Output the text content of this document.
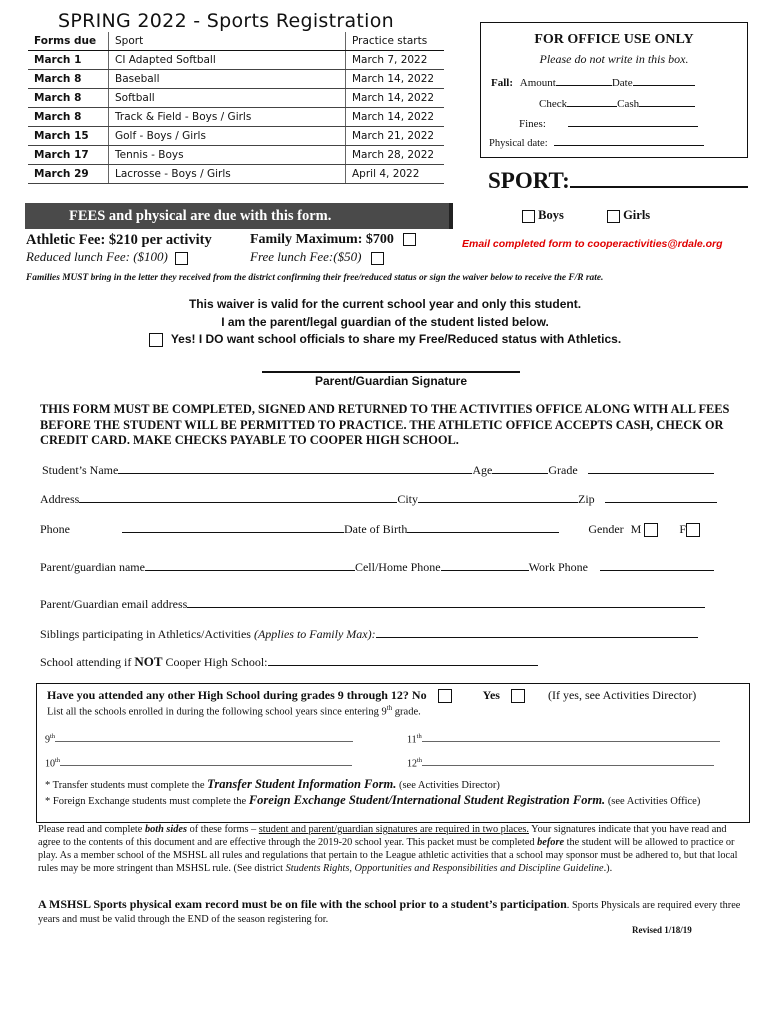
SPRING 2022 - Sports Registration
Forms due	Sport	Practice starts
March 1	CI Adapted Softball	March 7, 2022
March 8	Baseball	March 14, 2022
March 8	Softball	March 14, 2022
March 8	Track & Field - Boys / Girls	March 14, 2022
March 15	Golf - Boys / Girls	March 21, 2022
March 17	Tennis - Boys	March 28, 2022
March 29	Lacrosse - Boys / Girls	April 4, 2022
FOR OFFICE USE ONLY
Please do not write in this box.
Fall: Amount	Date
Check	Cash
Fines:
Physical date:
SPORT:
Boys	Girls
FEES and physical are due with this form.
Athletic Fee: $210 per activity
Reduced lunch Fee: ($100)
Family Maximum: $700
Free lunch Fee:($50)
Email completed form to cooperactivities@rdale.org
Families MUST bring in the letter they received from the district confirming their free/reduced status or sign the waiver below to receive the F/R rate.
This waiver is valid for the current school year and only this student.
I am the parent/legal guardian of the student listed below.
Yes! I DO want school officials to share my Free/Reduced status with Athletics.
Parent/Guardian Signature
THIS FORM MUST BE COMPLETED, SIGNED AND RETURNED TO THE ACTIVITIES OFFICE ALONG WITH ALL FEES BEFORE THE STUDENT WILL BE PERMITTED TO PRACTICE. THE ATHLETIC OFFICE ACCEPTS CASH, CHECK OR CREDIT CARD. MAKE CHECKS PAYABLE TO COOPER HIGH SCHOOL.
Student’s Name	Age	Grade
Address	City	Zip
Phone	Date of Birth	Gender M	F
Parent/guardian name	Cell/Home Phone	Work Phone
Parent/Guardian email address
Siblings participating in Athletics/Activities (Applies to Family Max):
School attending if NOT Cooper High School:
Have you attended any other High School during grades 9 through 12? No	Yes	(If yes, see Activities Director)
List all the schools enrolled in during the following school years since entering 9th grade.
9th	11th
10th	12th
* Transfer students must complete the Transfer Student Information Form. (see Activities Director)
* Foreign Exchange students must complete the Foreign Exchange Student/International Student Registration Form. (see Activities Office)
Please read and complete both sides of these forms – student and parent/guardian signatures are required in two places. Your signatures indicate that you have read and agree to the contents of this document and are effective through the 2019-20 school year. This packet must be completed before the student will be allowed to practice or play. As a member school of the MSHSL all rules and regulations that pertain to the League athletic activities that a school may sponsor must be adhered to, but that local rules may be more stringent than MSHSL rule. (See district Students Rights, Opportunities and Responsibilities and Discipline Guideline.).
A MSHSL Sports physical exam record must be on file with the school prior to a student’s participation. Sports Physicals are required every three years and must be valid through the END of the season registering for.
Revised 1/18/19
